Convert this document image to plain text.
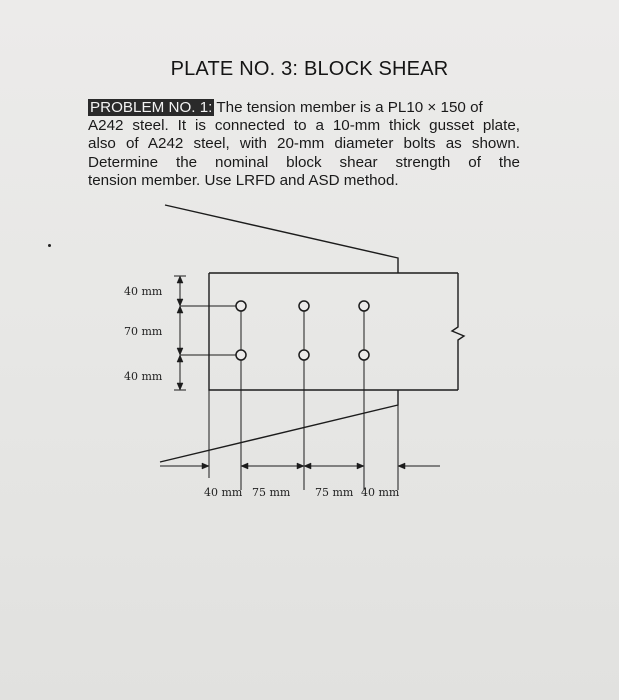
PLATE NO. 3: BLOCK SHEAR
PROBLEM NO. 1: The tension member is a PL10 × 150 of
A242 steel. It is connected to a 10-mm thick gusset plate,
also of A242 steel, with 20-mm diameter bolts as shown.
Determine the nominal block shear strength of the
tension member. Use LRFD and ASD method.
40 mm
70 mm
40 mm
40 mm 75 mm 75 mm 40 mm
